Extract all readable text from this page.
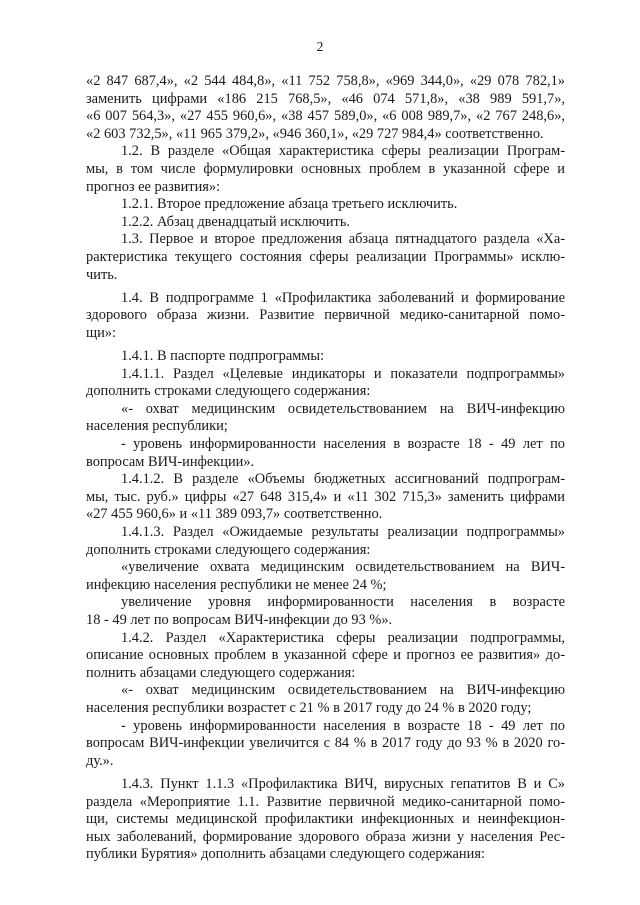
2
«2 847 687,4», «2 544 484,8», «11 752 758,8», «969 344,0», «29 078 782,1»
заменить цифрами «186 215 768,5», «46 074 571,8», «38 989 591,7»,
«6 007 564,3», «27 455 960,6», «38 457 589,0», «6 008 989,7», «2 767 248,6»,
«2 603 732,5», «11 965 379,2», «946 360,1», «29 727 984,4» соответственно.
1.2. В разделе «Общая характеристика сферы реализации Програм-
мы, в том числе формулировки основных проблем в указанной сфере и
прогноз ее развития»:
1.2.1. Второе предложение абзаца третьего исключить.
1.2.2. Абзац двенадцатый исключить.
1.3. Первое и второе предложения абзаца пятнадцатого раздела «Ха-
рактеристика текущего состояния сферы реализации Программы» исклю-
чить.
1.4. В подпрограмме 1 «Профилактика заболеваний и формирование
здорового образа жизни. Развитие первичной медико-санитарной помо-
щи»:
1.4.1. В паспорте подпрограммы:
1.4.1.1. Раздел «Целевые индикаторы и показатели подпрограммы»
дополнить строками следующего содержания:
«- охват медицинским освидетельствованием на ВИЧ-инфекцию
населения республики;
- уровень информированности населения в возрасте 18 - 49 лет по
вопросам ВИЧ-инфекции».
1.4.1.2. В разделе «Объемы бюджетных ассигнований подпрограм-
мы, тыс. руб.» цифры «27 648 315,4» и «11 302 715,3» заменить цифрами
«27 455 960,6» и «11 389 093,7» соответственно.
1.4.1.3. Раздел «Ожидаемые результаты реализации подпрограммы»
дополнить строками следующего содержания:
«увеличение охвата медицинским освидетельствованием на ВИЧ-
инфекцию населения республики не менее 24 %;
увеличение уровня информированности населения в возрасте
18 - 49 лет по вопросам ВИЧ-инфекции до 93 %».
1.4.2. Раздел «Характеристика сферы реализации подпрограммы,
описание основных проблем в указанной сфере и прогноз ее развития» до-
полнить абзацами следующего содержания:
«- охват медицинским освидетельствованием на ВИЧ-инфекцию
населения республики возрастет с 21 % в 2017 году до 24 % в 2020 году;
- уровень информированности населения в возрасте 18 - 49 лет по
вопросам ВИЧ-инфекции увеличится с 84 % в 2017 году до 93 % в 2020 го-
ду.».
1.4.3. Пункт 1.1.3 «Профилактика ВИЧ, вирусных гепатитов В и С»
раздела «Мероприятие 1.1. Развитие первичной медико-санитарной помо-
щи, системы медицинской профилактики инфекционных и неинфекцион-
ных заболеваний, формирование здорового образа жизни у населения Рес-
публики Бурятия» дополнить абзацами следующего содержания:
